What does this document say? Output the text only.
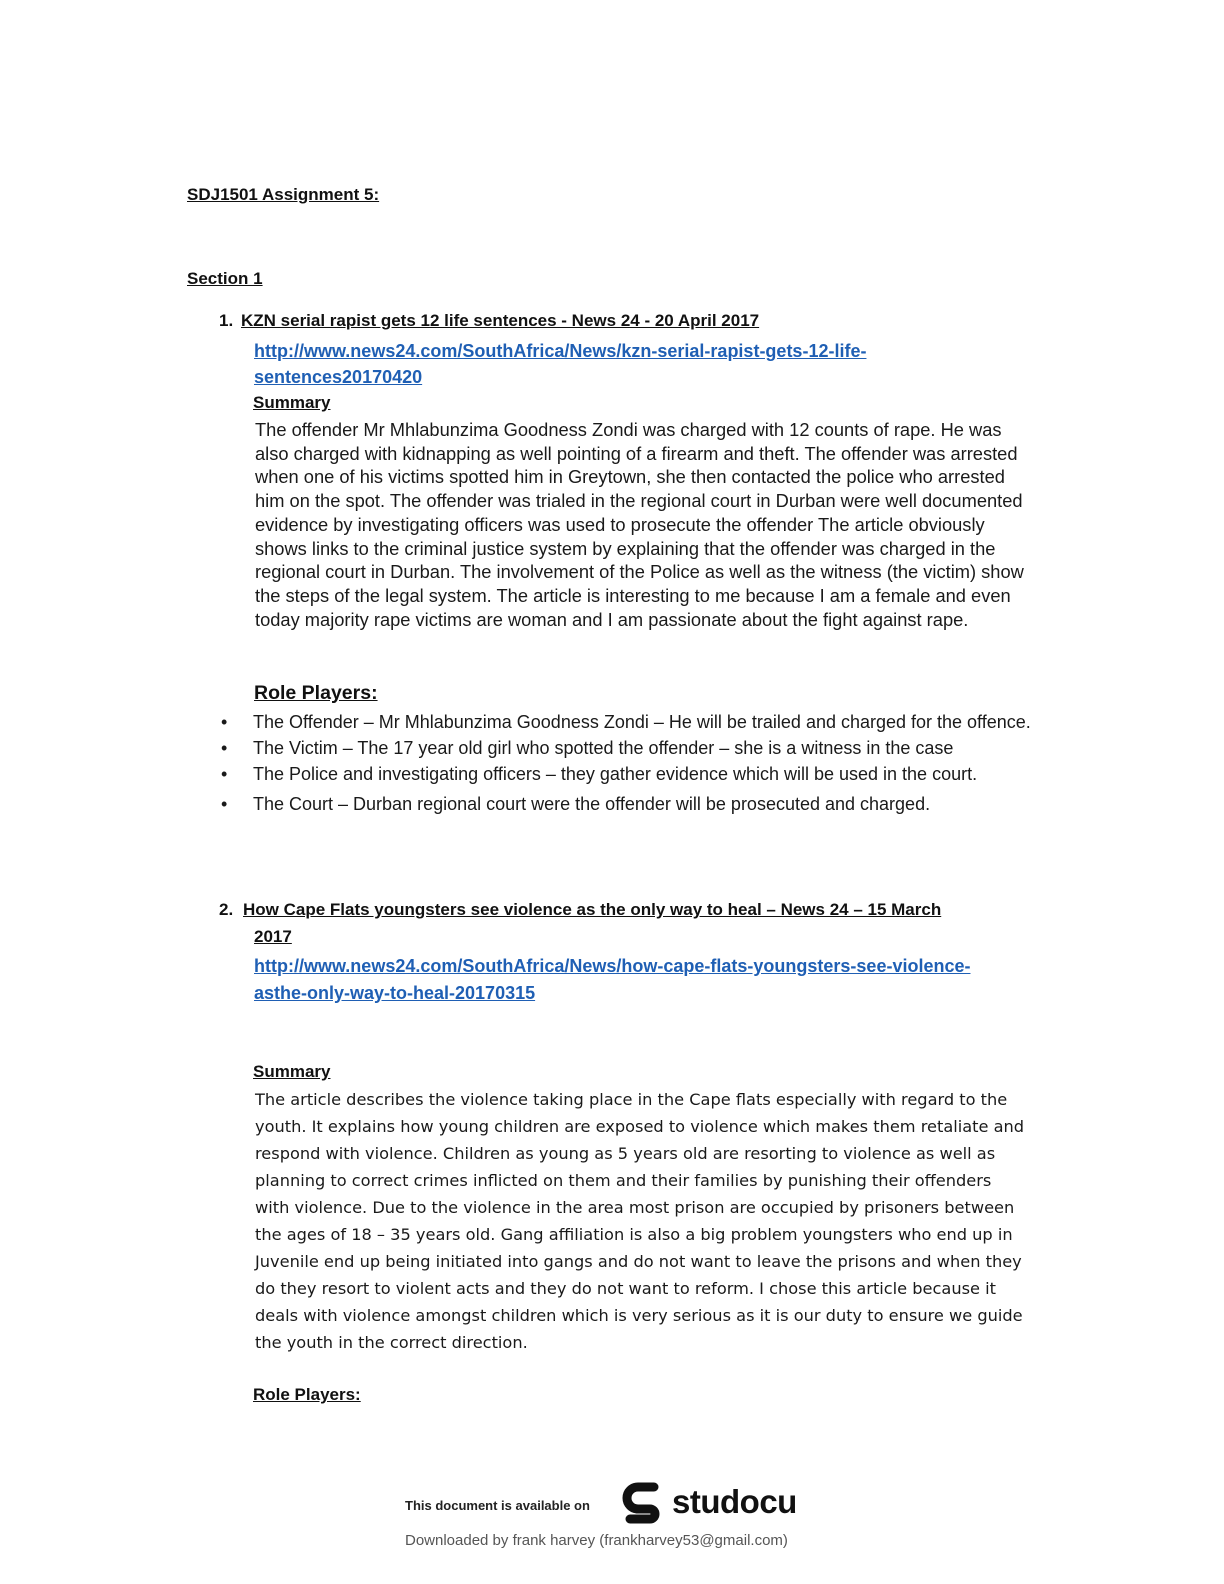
SDJ1501 Assignment 5:
Section 1
1. KZN serial rapist gets 12 life sentences - News 24 - 20 April 2017
http://www.news24.com/SouthAfrica/News/kzn-serial-rapist-gets-12-life-
sentences20170420
Summary
The offender Mr Mhlabunzima Goodness Zondi was charged with 12 counts of rape. He was also charged with kidnapping as well pointing of a firearm and theft. The offender was arrested when one of his victims spotted him in Greytown, she then contacted the police who arrested him on the spot. The offender was trialed in the regional court in Durban were well documented evidence by investigating officers was used to prosecute the offender The article obviously shows links to the criminal justice system by explaining that the offender was charged in the regional court in Durban. The involvement of the Police as well as the witness (the victim) show the steps of the legal system. The article is interesting to me because I am a female and even today majority rape victims are woman and I am passionate about the fight against rape.
Role Players:
• The Offender – Mr Mhlabunzima Goodness Zondi – He will be trailed and charged for the offence.
• The Victim – The 17 year old girl who spotted the offender – she is a witness in the case
• The Police and investigating officers – they gather evidence which will be used in the court.
• The Court – Durban regional court were the offender will be prosecuted and charged.
2. How Cape Flats youngsters see violence as the only way to heal – News 24 – 15 March
2017
http://www.news24.com/SouthAfrica/News/how-cape-flats-youngsters-see-violence-
asthe-only-way-to-heal-20170315
Summary
The article describes the violence taking place in the Cape flats especially with regard to the youth. It explains how young children are exposed to violence which makes them retaliate and respond with violence. Children as young as 5 years old are resorting to violence as well as planning to correct crimes inflicted on them and their families by punishing their offenders with violence. Due to the violence in the area most prison are occupied by prisoners between the ages of 18 – 35 years old. Gang affiliation is also a big problem youngsters who end up in Juvenile end up being initiated into gangs and do not want to leave the prisons and when they do they resort to violent acts and they do not want to reform. I chose this article because it deals with violence amongst children which is very serious as it is our duty to ensure we guide the youth in the correct direction.
Role Players:
This document is available on studocu
Downloaded by frank harvey (frankharvey53@gmail.com)
